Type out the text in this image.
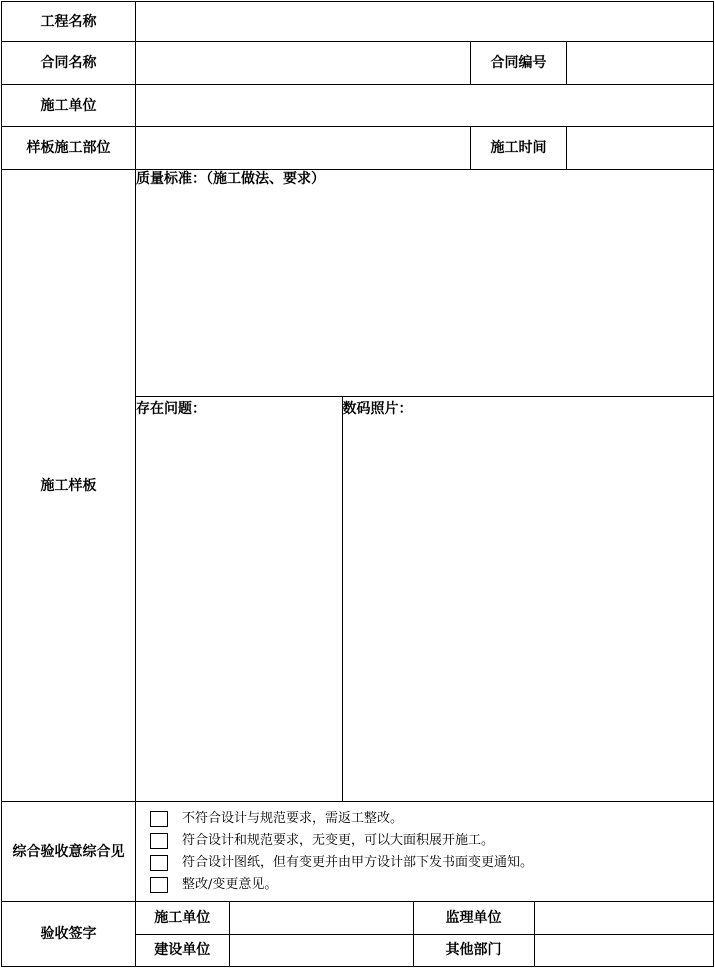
工程名称	
合同名称		合同编号	
施工单位	
样板施工部位		施工时间	
施工样板	
质量标准：（施工做法、要求）
存在问题：	数码照片：

综合验收意综合见	
不符合设计与规范要求，需返工整改。
符合设计和规范要求，无变更，可以大面积展开施工。
符合设计图纸，但有变更并由甲方设计部下发书面变更通知。
整改/变更意见。

验收签字	
施工单位		监理单位	
建设单位		其他部门	
